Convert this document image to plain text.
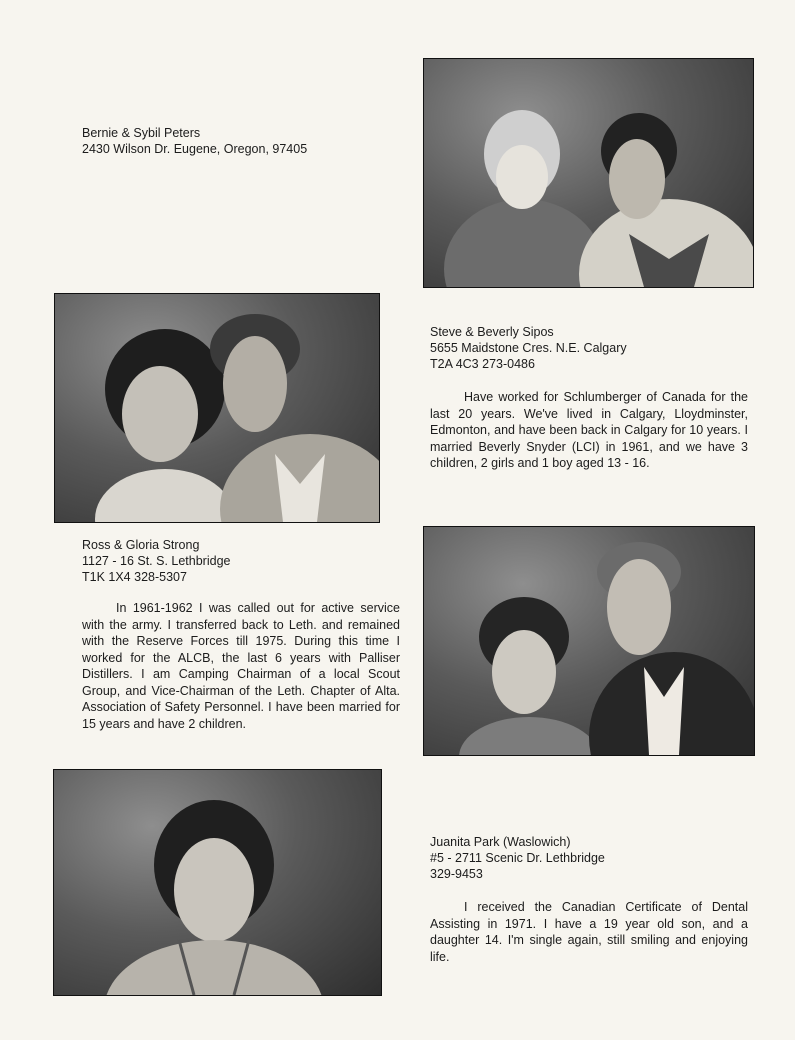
Bernie & Sybil Peters
2430 Wilson Dr. Eugene, Oregon, 97405
Steve & Beverly Sipos
5655 Maidstone Cres. N.E. Calgary
T2A 4C3 273-0486

Have worked for Schlumberger of Canada for the last 20 years. We've lived in Calgary, Lloydminster, Edmonton, and have been back in Calgary for 10 years. I married Beverly Snyder (LCI) in 1961, and we have 3 children, 2 girls and 1 boy aged 13 - 16.

Ross & Gloria Strong
1127 - 16 St. S. Lethbridge
T1K 1X4 328-5307

In 1961-1962 I was called out for active service with the army. I transferred back to Leth. and remained with the Reserve Forces till 1975. During this time I worked for the ALCB, the last 6 years with Palliser Distillers. I am Camping Chairman of a local Scout Group, and Vice-Chairman of the Leth. Chapter of Alta. Association of Safety Personnel. I have been married for 15 years and have 2 children.

Juanita Park (Waslowich)
#5 - 2711 Scenic Dr. Lethbridge
329-9453

I received the Canadian Certificate of Dental Assisting in 1971. I have a 19 year old son, and a daughter 14. I'm single again, still smiling and enjoying life.
